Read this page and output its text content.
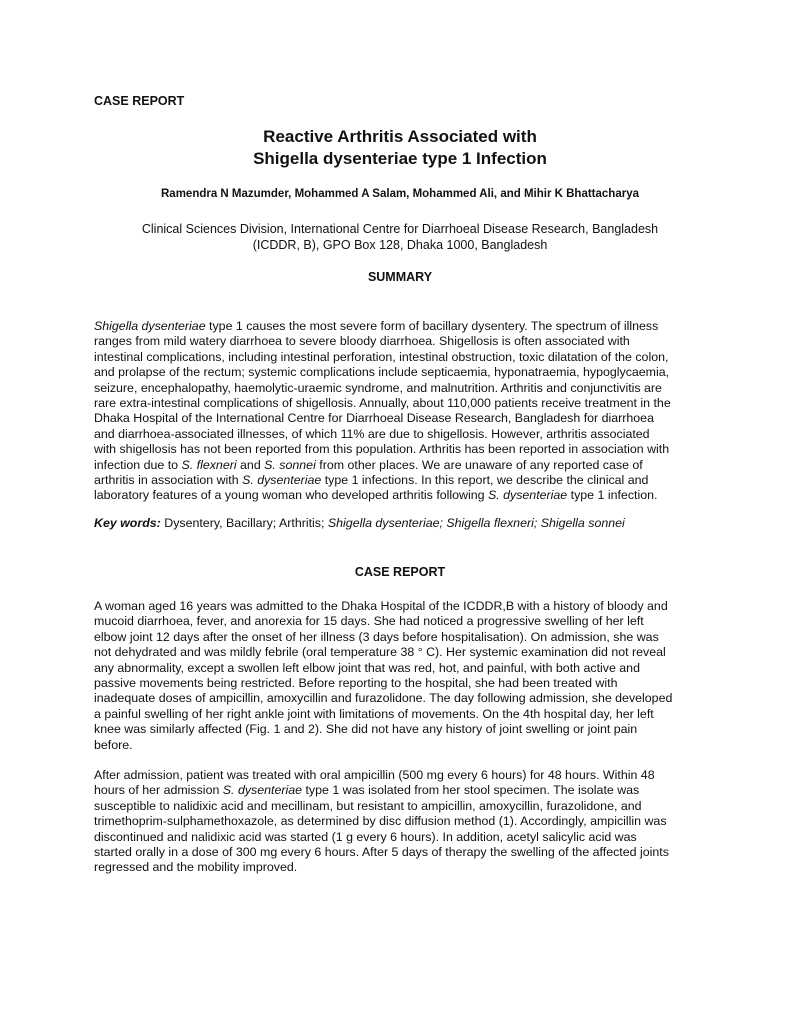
CASE REPORT
Reactive Arthritis Associated with
Shigella dysenteriae type 1 Infection
Ramendra N Mazumder, Mohammed A Salam, Mohammed Ali, and Mihir K Bhattacharya
Clinical Sciences Division, International Centre for Diarrhoeal Disease Research, Bangladesh
(ICDDR, B), GPO Box 128, Dhaka 1000, Bangladesh
SUMMARY

Shigella dysenteriae type 1 causes the most severe form of bacillary dysentery. The spectrum of illness

ranges from mild watery diarrhoea to severe bloody diarrhoea. Shigellosis is often associated with

intestinal complications, including intestinal perforation, intestinal obstruction, toxic dilatation of the colon,

and prolapse of the rectum; systemic complications include septicaemia, hyponatraemia, hypoglycaemia,

seizure, encephalopathy, haemolytic-uraemic syndrome, and malnutrition. Arthritis and conjunctivitis are

rare extra-intestinal complications of shigellosis. Annually, about 110,000 patients receive treatment in the

Dhaka Hospital of the International Centre for Diarrhoeal Disease Research, Bangladesh for diarrhoea

and diarrhoea-associated illnesses, of which 11% are due to shigellosis. However, arthritis associated

with shigellosis has not been reported from this population. Arthritis has been reported in association with

infection due to S. flexneri and S. sonnei from other places. We are unaware of any reported case of

arthritis in association with S. dysenteriae type 1 infections. In this report, we describe the clinical and

laboratory features of a young woman who developed arthritis following S. dysenteriae type 1 infection.

Key words: Dysentery, Bacillary; Arthritis; Shigella dysenteriae; Shigella flexneri; Shigella sonnei

CASE REPORT

A woman aged 16 years was admitted to the Dhaka Hospital of the ICDDR,B with a history of bloody and

mucoid diarrhoea, fever, and anorexia for 15 days. She had noticed a progressive swelling of her left

elbow joint 12 days after the onset of her illness (3 days before hospitalisation). On admission, she was

not dehydrated and was mildly febrile (oral temperature 38 ° C). Her systemic examination did not reveal

any abnormality, except a swollen left elbow joint that was red, hot, and painful, with both active and

passive movements being restricted. Before reporting to the hospital, she had been treated with

inadequate doses of ampicillin, amoxycillin and furazolidone. The day following admission, she developed

a painful swelling of her right ankle joint with limitations of movements. On the 4th hospital day, her left

knee was similarly affected (Fig. 1 and 2). She did not have any history of joint swelling or joint pain

before.

After admission, patient was treated with oral ampicillin (500 mg every 6 hours) for 48 hours. Within 48

hours of her admission S. dysenteriae type 1 was isolated from her stool specimen. The isolate was

susceptible to nalidixic acid and mecillinam, but resistant to ampicillin, amoxycillin, furazolidone, and

trimethoprim-sulphamethoxazole, as determined by disc diffusion method (1). Accordingly, ampicillin was

discontinued and nalidixic acid was started (1 g every 6 hours). In addition, acetyl salicylic acid was

started orally in a dose of 300 mg every 6 hours. After 5 days of therapy the swelling of the affected joints

regressed and the mobility improved.
